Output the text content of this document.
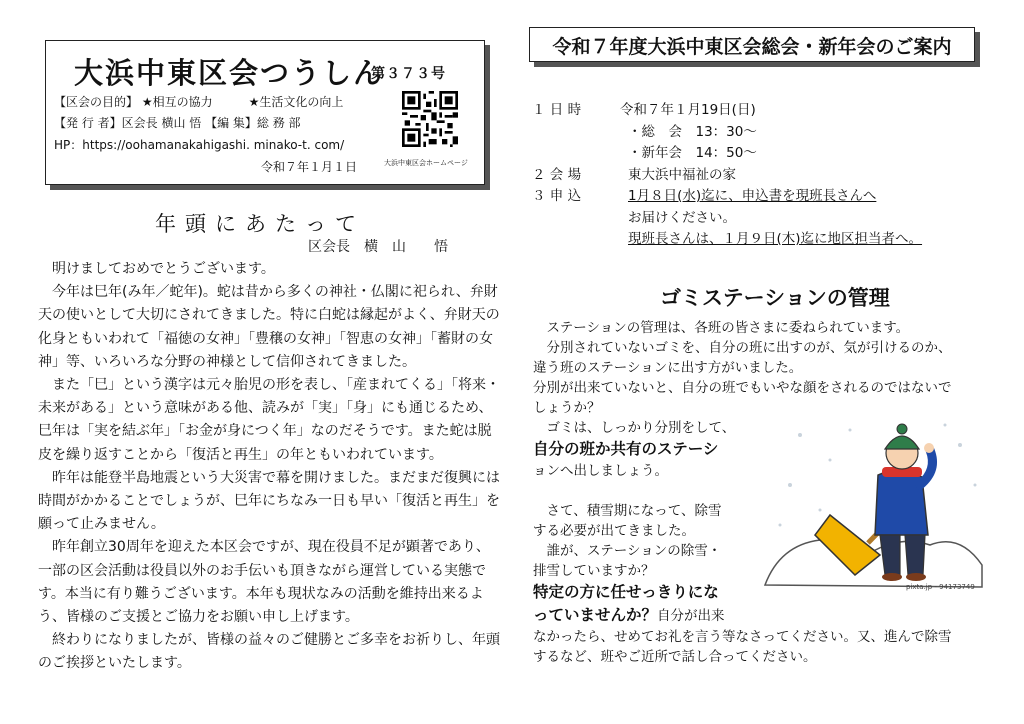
大浜中東区会つうしん
第３７３号
【区会の目的】 ★相互の協力　　　★生活文化の向上
【発 行 者】区会長 横山 悟 【編 集】総 務 部
HP：https://oohamanakahigashi. minako-t. com/
令和７年１月１日	大浜中東区会ホームページ
年頭にあたって
区会長　横　山　　悟

　明けましておめでとうございます。

　今年は巳年(み年／蛇年)。蛇は昔から多くの神社・仏閣に祀られ、弁財天の使いとして大切にされてきました。特に白蛇は縁起がよく、弁財天の化身ともいわれて「福徳の女神」「豊穣の女神」「智恵の女神」「蓄財の女神」等、いろいろな分野の神様として信仰されてきました。

　また「巳」という漢字は元々胎児の形を表し、「産まれてくる」「将来・未来がある」という意味がある他、読みが「実」「身」にも通じるため、巳年は「実を結ぶ年」「お金が身につく年」なのだそうです。また蛇は脱皮を繰り返すことから「復活と再生」の年ともいわれています。

　昨年は能登半島地震という大災害で幕を開けました。まだまだ復興には時間がかかることでしょうが、巳年にちなみ一日も早い「復活と再生」を願って止みません。

　昨年創立30周年を迎えた本区会ですが、現在役員不足が顕著であり、一部の区会活動は役員以外のお手伝いも頂きながら運営している実態です。本当に有り難うございます。本年も現状なみの活動を維持出来るよう、皆様のご支援とご協力をお願い申し上げます。

　終わりになりましたが、皆様の益々のご健勝とご多幸をお祈りし、年頭のご挨拶といたします。

令和７年度大浜中東区会総会・新年会のご案内
１ 日 時	令和７年１月19日(日)
・総　会　13：30～
・新年会　14：50～
２ 会 場	東大浜中福祉の家
３ 申 込	1月８日(水)迄に、申込書を現班長さんへ
お届けください。
現班長さんは、１月９日(木)迄に地区担当者へ。
ゴミステーションの管理
　ステーションの管理は、各班の皆さまに委ねられています。
　分別されていないゴミを、自分の班に出すのが、気が引けるのか、
違う班のステーションに出す方がいました。
分別が出来ていないと、自分の班でもいやな顔をされるのではないで
しょうか？
　ゴミは、しっかり分別をして、
自分の班か共有のステーシ
ョンへ出しましょう。
　さて、積雪期になって、除雪
する必要が出てきました。
　誰が、ステーションの除雪・
排雪していますか？
特定の方に任せっきりにな
っていませんか？自分が出来
なかったら、せめてお礼を言う等なさってください。又、進んで除雪
するなど、班やご近所で話し合ってください。
pixta.jp - 94173749
